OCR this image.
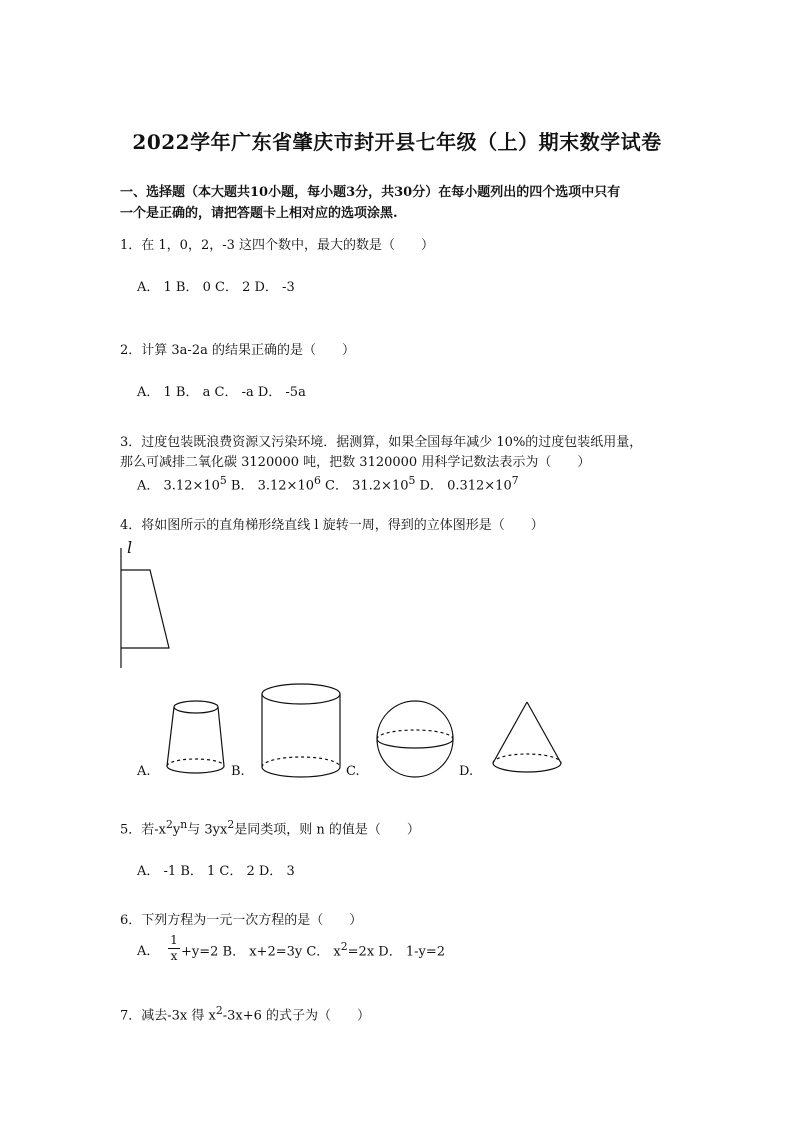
2022学年广东省肇庆市封开县七年级（上）期末数学试卷
一、选择题（本大题共10小题，每小题3分，共30分）在每小题列出的四个选项中只有
一个是正确的，请把答题卡上相对应的选项涂黑.
1．在 1，0，2，-3 这四个数中，最大的数是（　　）
A． 1 B． 0 C． 2 D． -3
2．计算 3a-2a 的结果正确的是（　　）
A． 1 B． a C． -a D． -5a
3．过度包装既浪费资源又污染环境．据测算，如果全国每年减少 10%的过度包装纸用量，
那么可减排二氧化碳 3120000 吨，把数 3120000 用科学记数法表示为（　　）
A． $3.12\times 10^5$ B． $3.12\times 10^6$ C． $31.2\times 10^5$ D． $0.312\times 10^7$
4．将如图所示的直角梯形绕直线 l 旋转一周，得到的立体图形是（　　）
l
A.	B.	C.	D.
5．若$-x^2y^n$与 $3yx^2$是同类项，则 n 的值是（　　）
A． -1 B． 1 C． 2 D． 3
6．下列方程为一元一次方程的是（　　）
A．
1
x +y=2 B． x+2=3y C． $x^2=2x$ D． 1-y=2
7．减去-3x 得 $x^2-3x+6$ 的式子为（　　）
